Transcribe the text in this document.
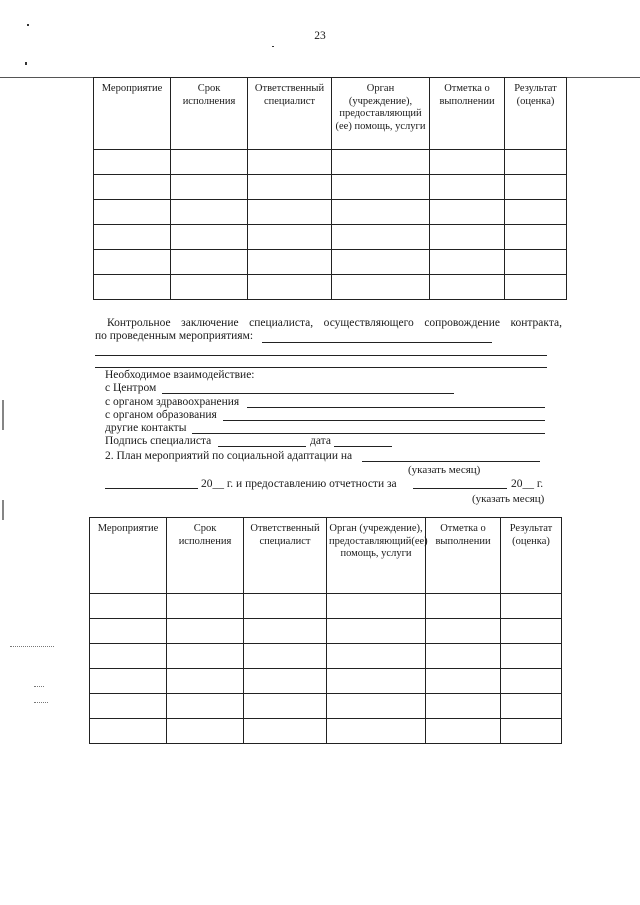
23
Мероприятие	Срок исполнения	Ответственный специалист	Орган (учреждение), предоставляющий (ее) помощь, услуги	Отметка о выполнении	Результат (оценка)

Контрольное заключение специалиста, осуществляющего сопровождение контракта,
по проведенным мероприятиям:
Необходимое взаимодействие:
с Центром
с органом здравоохранения
с органом образования
другие контакты
Подпись специалиста	дата
2. План мероприятий по социальной адаптации на
(указать месяц)
20__ г. и предоставлению отчетности за	20__ г.
(указать месяц)
Мероприятие	Срок исполнения	Ответственный специалист	Орган (учреждение), предоставляющий(ее) помощь, услуги	Отметка о выполнении	Результат (оценка)
